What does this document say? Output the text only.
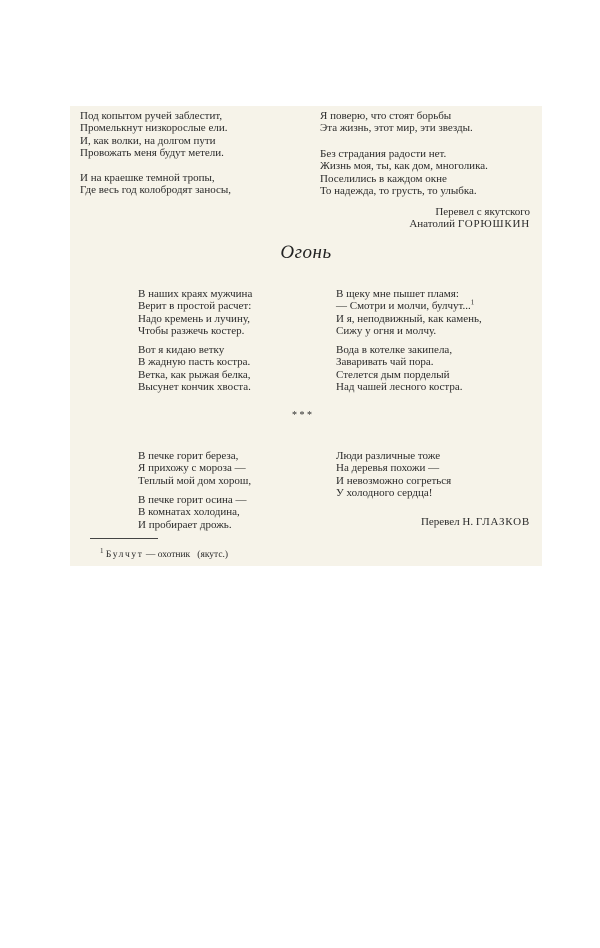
Под копытом ручей заблестит,
Промелькнут низкорослые ели.
И, как волки, на долгом пути
Провожать меня будут метели.
И на краешке темной тропы,
Где весь год колобродят заносы,
Я поверю, что стоят борьбы
Эта жизнь, этот мир, эти звезды.
Без страдания радости нет.
Жизнь моя, ты, как дом, многолика.
Поселились в каждом окне
То надежда, то грусть, то улыбка.
Перевел с якутского
Анатолий ГОРЮШКИН
Огонь
В наших краях мужчина
Верит в простой расчет:
Надо кремень и лучину,
Чтобы разжечь костер.
Вот я кидаю ветку
В жадную пасть костра.
Ветка, как рыжая белка,
Высунет кончик хвоста.
В щеку мне пышет пламя:
— Смотри и молчи, булчут...$^1$
И я, неподвижный, как камень,
Сижу у огня и молчу.
Вода в котелке закипела,
Заваривать чай пора.
Стелется дым порделый
Над чашей лесного костра.
* * *
В печке горит береза,
Я прихожу с мороза —
Теплый мой дом хорош,
В печке горит осина —
В комнатах холодина,
И пробирает дрожь.
Люди различные тоже
На деревья похожи —
И невозможно согреться
У холодного сердца!
Перевел Н. ГЛАЗКОВ
$^1$ Булчут — охотник   (якутс.)
